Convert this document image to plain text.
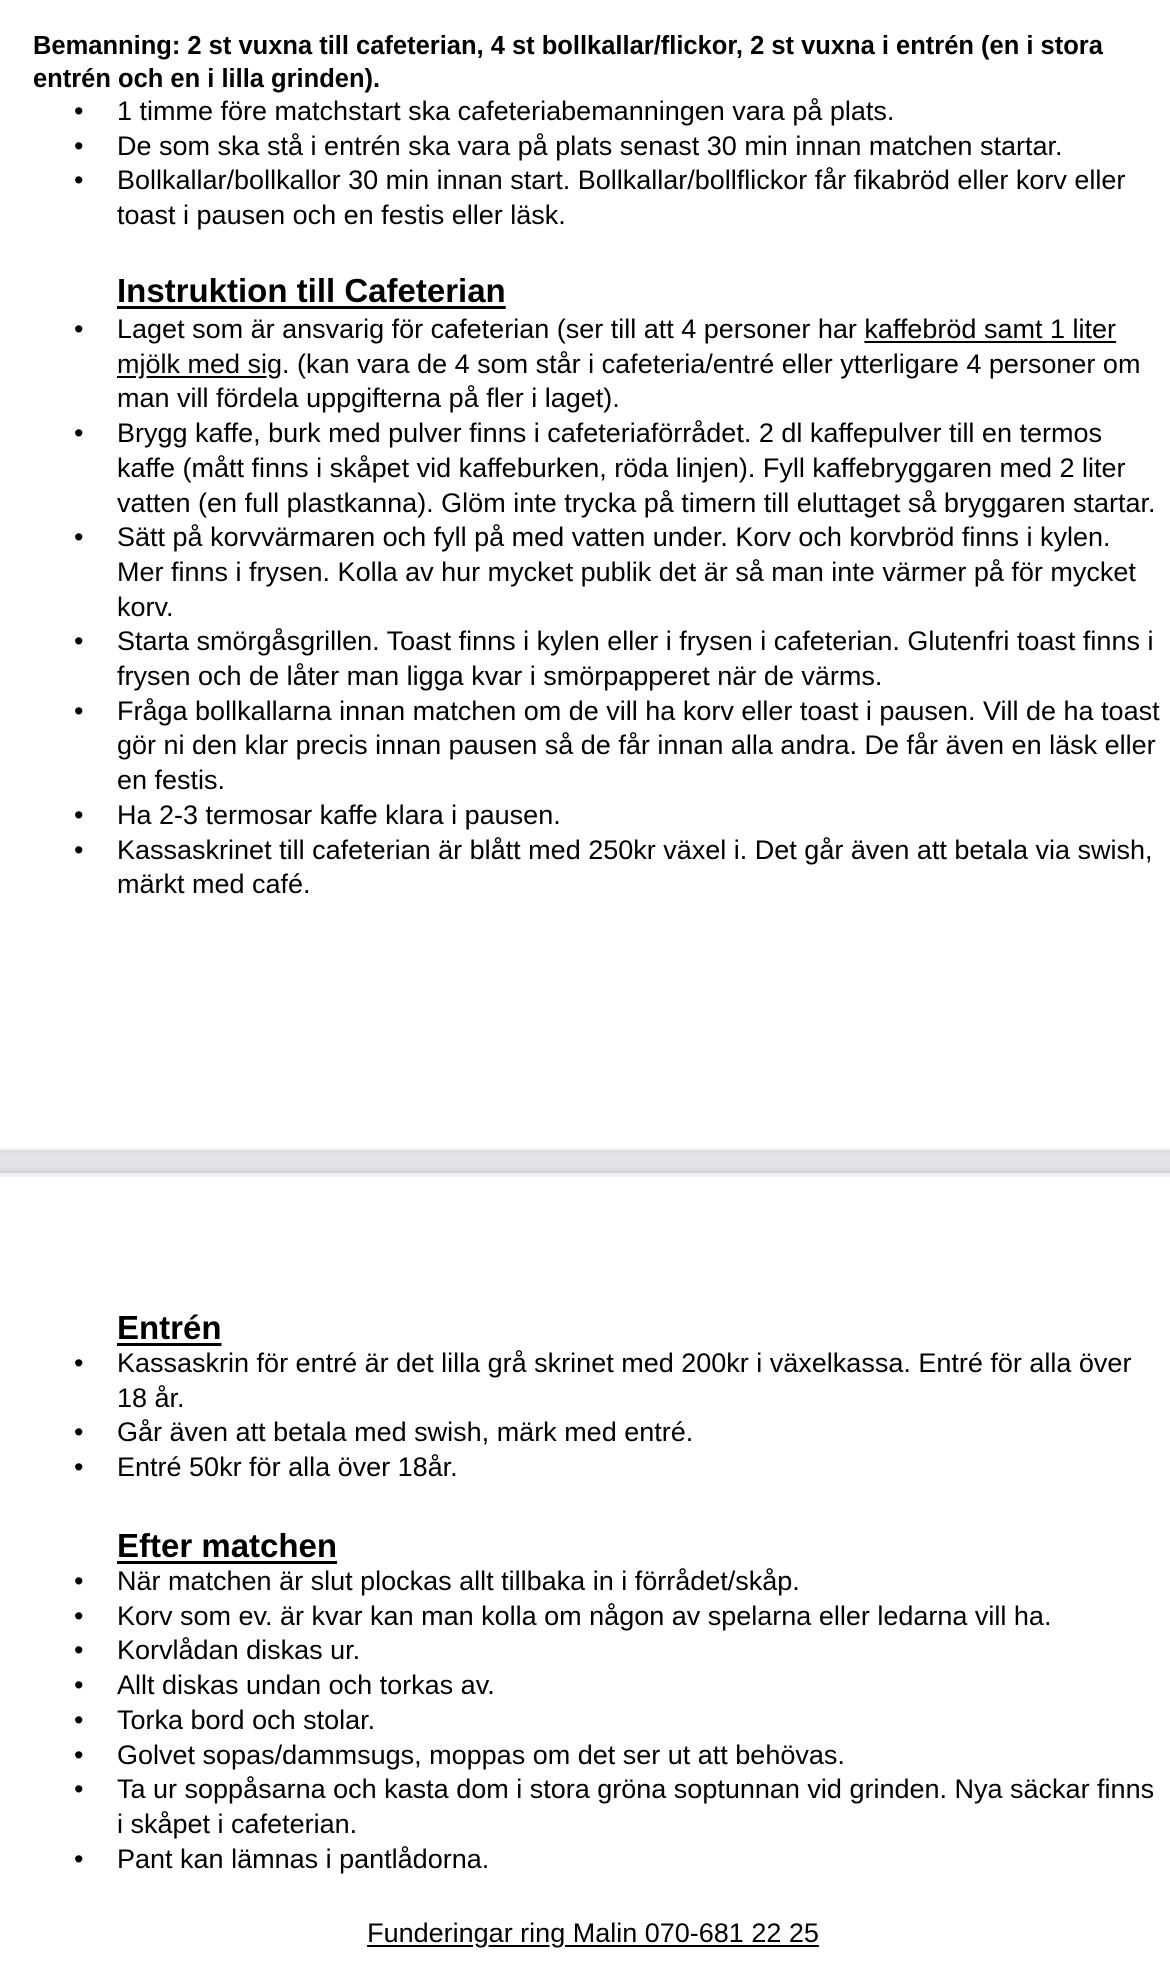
Bemanning: 2 st vuxna till cafeterian, 4 st bollkallar/flickor, 2 st vuxna i entrén (en i stora entrén och en i lilla grinden).
• 1 timme före matchstart ska cafeteriabemanningen vara på plats.
• De som ska stå i entrén ska vara på plats senast 30 min innan matchen startar.
• Bollkallar/bollkallor 30 min innan start. Bollkallar/bollflickor får fikabröd eller korv eller toast i pausen och en festis eller läsk.
Instruktion till Cafeterian
• Laget som är ansvarig för cafeterian (ser till att 4 personer har kaffebröd samt 1 liter mjölk med sig. (kan vara de 4 som står i cafeteria/entré eller ytterligare 4 personer om man vill fördela uppgifterna på fler i laget).
• Brygg kaffe, burk med pulver finns i cafeteriaförrådet. 2 dl kaffepulver till en termos kaffe (mått finns i skåpet vid kaffeburken, röda linjen). Fyll kaffebryggaren med 2 liter vatten (en full plastkanna). Glöm inte trycka på timern till eluttaget så bryggaren startar.
• Sätt på korvvärmaren och fyll på med vatten under. Korv och korvbröd finns i kylen. Mer finns i frysen. Kolla av hur mycket publik det är så man inte värmer på för mycket korv.
• Starta smörgåsgrillen. Toast finns i kylen eller i frysen i cafeterian. Glutenfri toast finns i frysen och de låter man ligga kvar i smörpapperet när de värms.
• Fråga bollkallarna innan matchen om de vill ha korv eller toast i pausen. Vill de ha toast gör ni den klar precis innan pausen så de får innan alla andra. De får även en läsk eller en festis.
• Ha 2-3 termosar kaffe klara i pausen.
• Kassaskrinet till cafeterian är blått med 250kr växel i. Det går även att betala via swish, märkt med café.
Entrén
• Kassaskrin för entré är det lilla grå skrinet med 200kr i växelkassa. Entré för alla över 18 år.
• Går även att betala med swish, märk med entré.
• Entré 50kr för alla över 18år.
Efter matchen
• När matchen är slut plockas allt tillbaka in i förrådet/skåp.
• Korv som ev. är kvar kan man kolla om någon av spelarna eller ledarna vill ha.
• Korvlådan diskas ur.
• Allt diskas undan och torkas av.
• Torka bord och stolar.
• Golvet sopas/dammsugs, moppas om det ser ut att behövas.
• Ta ur soppåsarna och kasta dom i stora gröna soptunnan vid grinden. Nya säckar finns i skåpet i cafeterian.
• Pant kan lämnas i pantlådorna.
Funderingar ring Malin 070-681 22 25
